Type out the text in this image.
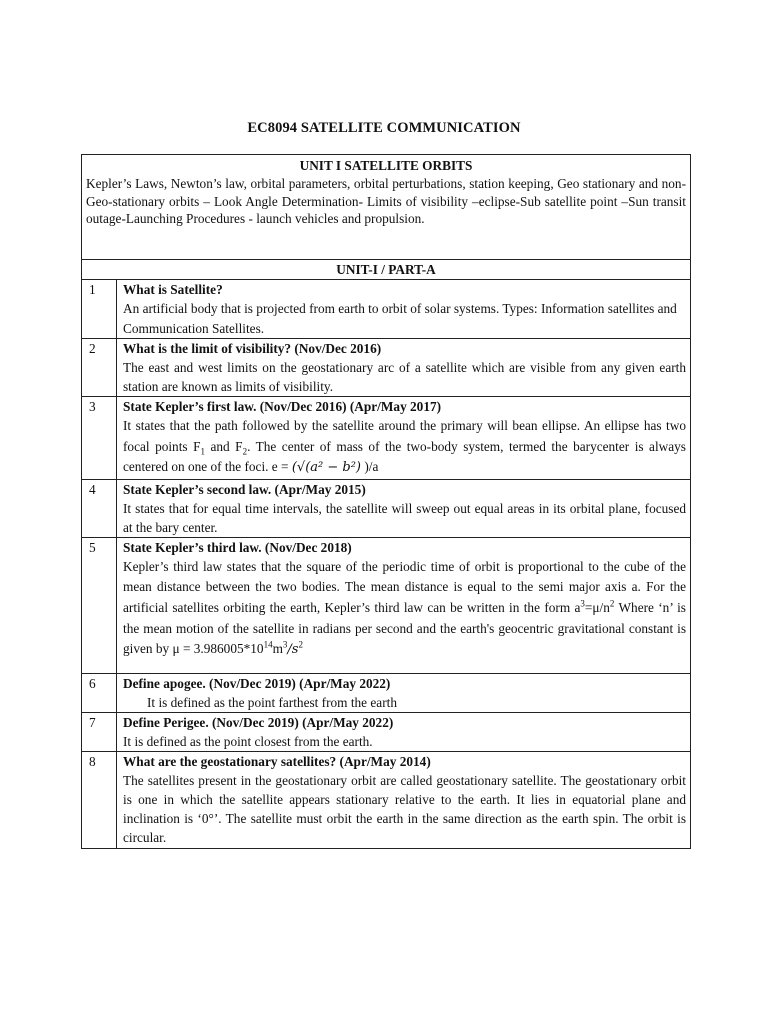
EC8094 SATELLITE COMMUNICATION
UNIT I SATELLITE ORBITS
Kepler’s Laws, Newton’s law, orbital parameters, orbital perturbations, station keeping, Geo stationary and non-Geo-stationary orbits – Look Angle Determination- Limits of visibility –eclipse-Sub satellite point –Sun transit outage-Launching Procedures - launch vehicles and propulsion.	

UNIT-I / PART-A	
1	What is Satellite?
An artificial body that is projected from earth to orbit of solar systems. Types: Information satellites and Communication Satellites.

2	What is the limit of visibility? (Nov/Dec 2016)
The east and west limits on the geostationary arc of a satellite which are visible from any given earth station are known as limits of visibility.

3	State Kepler’s first law. (Nov/Dec 2016) (Apr/May 2017)
It states that the path followed by the satellite around the primary will bean ellipse. An ellipse has two focal points $F_1$ and $F_2$. The center of mass of the two-body system, termed the barycenter is always centered on one of the foci. e = (√(a² − b²) )/a

4	State Kepler’s second law. (Apr/May 2015)
It states that for equal time intervals, the satellite will sweep out equal areas in its orbital plane, focused at the bary center.

5	State Kepler’s third law. (Nov/Dec 2018)
Kepler’s third law states that the square of the periodic time of orbit is proportional to the cube of the mean distance between the two bodies. The mean distance is equal to the semi major axis a. For the artificial satellites orbiting the earth, Kepler’s third law can be written in the form $a^3=\mu/n^2$ Where ‘n’ is the mean motion of the satellite in radians per second and the earth's geocentric gravitational constant is given by $\mu = 3.986005*10^{14}m^3/s^2$

6	Define apogee. (Nov/Dec 2019) (Apr/May 2022)
It is defined as the point farthest from the earth

7	Define Perigee. (Nov/Dec 2019) (Apr/May 2022)
It is defined as the point closest from the earth.

8	What are the geostationary satellites? (Apr/May 2014)
The satellites present in the geostationary orbit are called geostationary satellite. The geostationary orbit is one in which the satellite appears stationary relative to the earth. It lies in equatorial plane and inclination is ‘0°’. The satellite must orbit the earth in the same direction as the earth spin. The orbit is circular.
